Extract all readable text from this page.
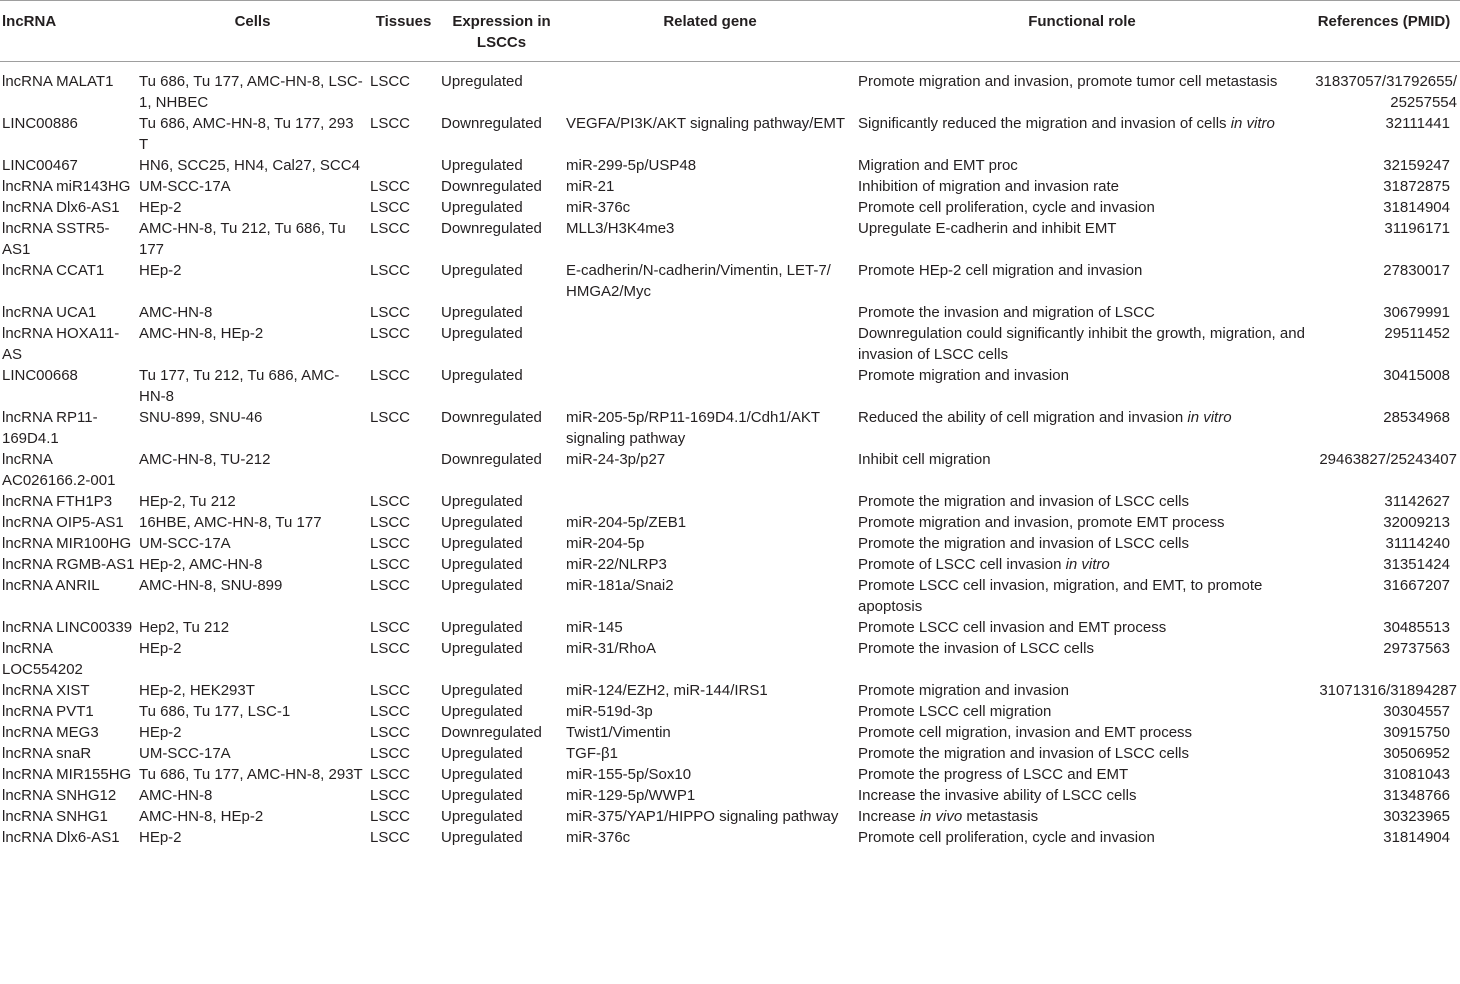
lncRNA	Cells	Tissues	Expression in LSCCs	Related gene	Functional role	References (PMID)
lncRNA MALAT1	Tu 686, Tu 177, AMC-HN-8, LSC-1, NHBEC	LSCC	Upregulated		Promote migration and invasion, promote tumor cell metastasis	31837057/31792655/ 25257554
LINC00886	Tu 686, AMC-HN-8, Tu 177, 293 T	LSCC	Downregulated	VEGFA/PI3K/AKT signaling pathway/EMT	Significantly reduced the migration and invasion of cells in vitro	32111441
LINC00467	HN6, SCC25, HN4, Cal27, SCC4		Upregulated	miR-299-5p/USP48	Migration and EMT proc	32159247
lncRNA miR143HG	UM-SCC-17A	LSCC	Downregulated	miR-21	Inhibition of migration and invasion rate	31872875
lncRNA Dlx6-AS1	HEp-2	LSCC	Upregulated	miR-376c	Promote cell proliferation, cycle and invasion	31814904
lncRNA SSTR5-AS1	AMC-HN-8, Tu 212, Tu 686, Tu 177	LSCC	Downregulated	MLL3/H3K4me3	Upregulate E-cadherin and inhibit EMT	31196171
lncRNA CCAT1	HEp-2	LSCC	Upregulated	E-cadherin/N-cadherin/Vimentin, LET-7/ HMGA2/Myc	Promote HEp-2 cell migration and invasion	27830017
lncRNA UCA1	AMC-HN-8	LSCC	Upregulated		Promote the invasion and migration of LSCC	30679991
lncRNA HOXA11-AS	AMC-HN-8, HEp-2	LSCC	Upregulated		Downregulation could significantly inhibit the growth, migration, and invasion of LSCC cells	29511452
LINC00668	Tu 177, Tu 212, Tu 686, AMC-HN-8	LSCC	Upregulated		Promote migration and invasion	30415008
lncRNA RP11-169D4.1	SNU-899, SNU-46	LSCC	Downregulated	miR-205-5p/RP11-169D4.1/Cdh1/AKT signaling pathway	Reduced the ability of cell migration and invasion in vitro	28534968
lncRNA AC026166.2-001	AMC-HN-8, TU-212		Downregulated	miR-24-3p/p27	Inhibit cell migration	29463827/25243407
lncRNA FTH1P3	HEp-2, Tu 212	LSCC	Upregulated		Promote the migration and invasion of LSCC cells	31142627
lncRNA OIP5-AS1	16HBE, AMC-HN-8, Tu 177	LSCC	Upregulated	miR-204-5p/ZEB1	Promote migration and invasion, promote EMT process	32009213
lncRNA MIR100HG	UM-SCC-17A	LSCC	Upregulated	miR-204-5p	Promote the migration and invasion of LSCC cells	31114240
lncRNA RGMB-AS1	HEp-2, AMC-HN-8	LSCC	Upregulated	miR-22/NLRP3	Promote of LSCC cell invasion in vitro	31351424
lncRNA ANRIL	AMC-HN-8, SNU-899	LSCC	Upregulated	miR-181a/Snai2	Promote LSCC cell invasion, migration, and EMT, to promote apoptosis	31667207
lncRNA LINC00339	Hep2, Tu 212	LSCC	Upregulated	miR-145	Promote LSCC cell invasion and EMT process	30485513
lncRNA LOC554202	HEp-2	LSCC	Upregulated	miR-31/RhoA	Promote the invasion of LSCC cells	29737563
lncRNA XIST	HEp-2, HEK293T	LSCC	Upregulated	miR-124/EZH2, miR-144/IRS1	Promote migration and invasion	31071316/31894287
lncRNA PVT1	Tu 686, Tu 177, LSC-1	LSCC	Upregulated	miR-519d-3p	Promote LSCC cell migration	30304557
lncRNA MEG3	HEp-2	LSCC	Downregulated	Twist1/Vimentin	Promote cell migration, invasion and EMT process	30915750
lncRNA snaR	UM-SCC-17A	LSCC	Upregulated	TGF-β1	Promote the migration and invasion of LSCC cells	30506952
lncRNA MIR155HG	Tu 686, Tu 177, AMC-HN-8, 293T	LSCC	Upregulated	miR-155-5p/Sox10	Promote the progress of LSCC and EMT	31081043
lncRNA SNHG12	AMC-HN-8	LSCC	Upregulated	miR-129-5p/WWP1	Increase the invasive ability of LSCC cells	31348766
lncRNA SNHG1	AMC-HN-8, HEp-2	LSCC	Upregulated	miR-375/YAP1/HIPPO signaling pathway	Increase in vivo metastasis	30323965
lncRNA Dlx6-AS1	HEp-2	LSCC	Upregulated	miR-376c	Promote cell proliferation, cycle and invasion	31814904
